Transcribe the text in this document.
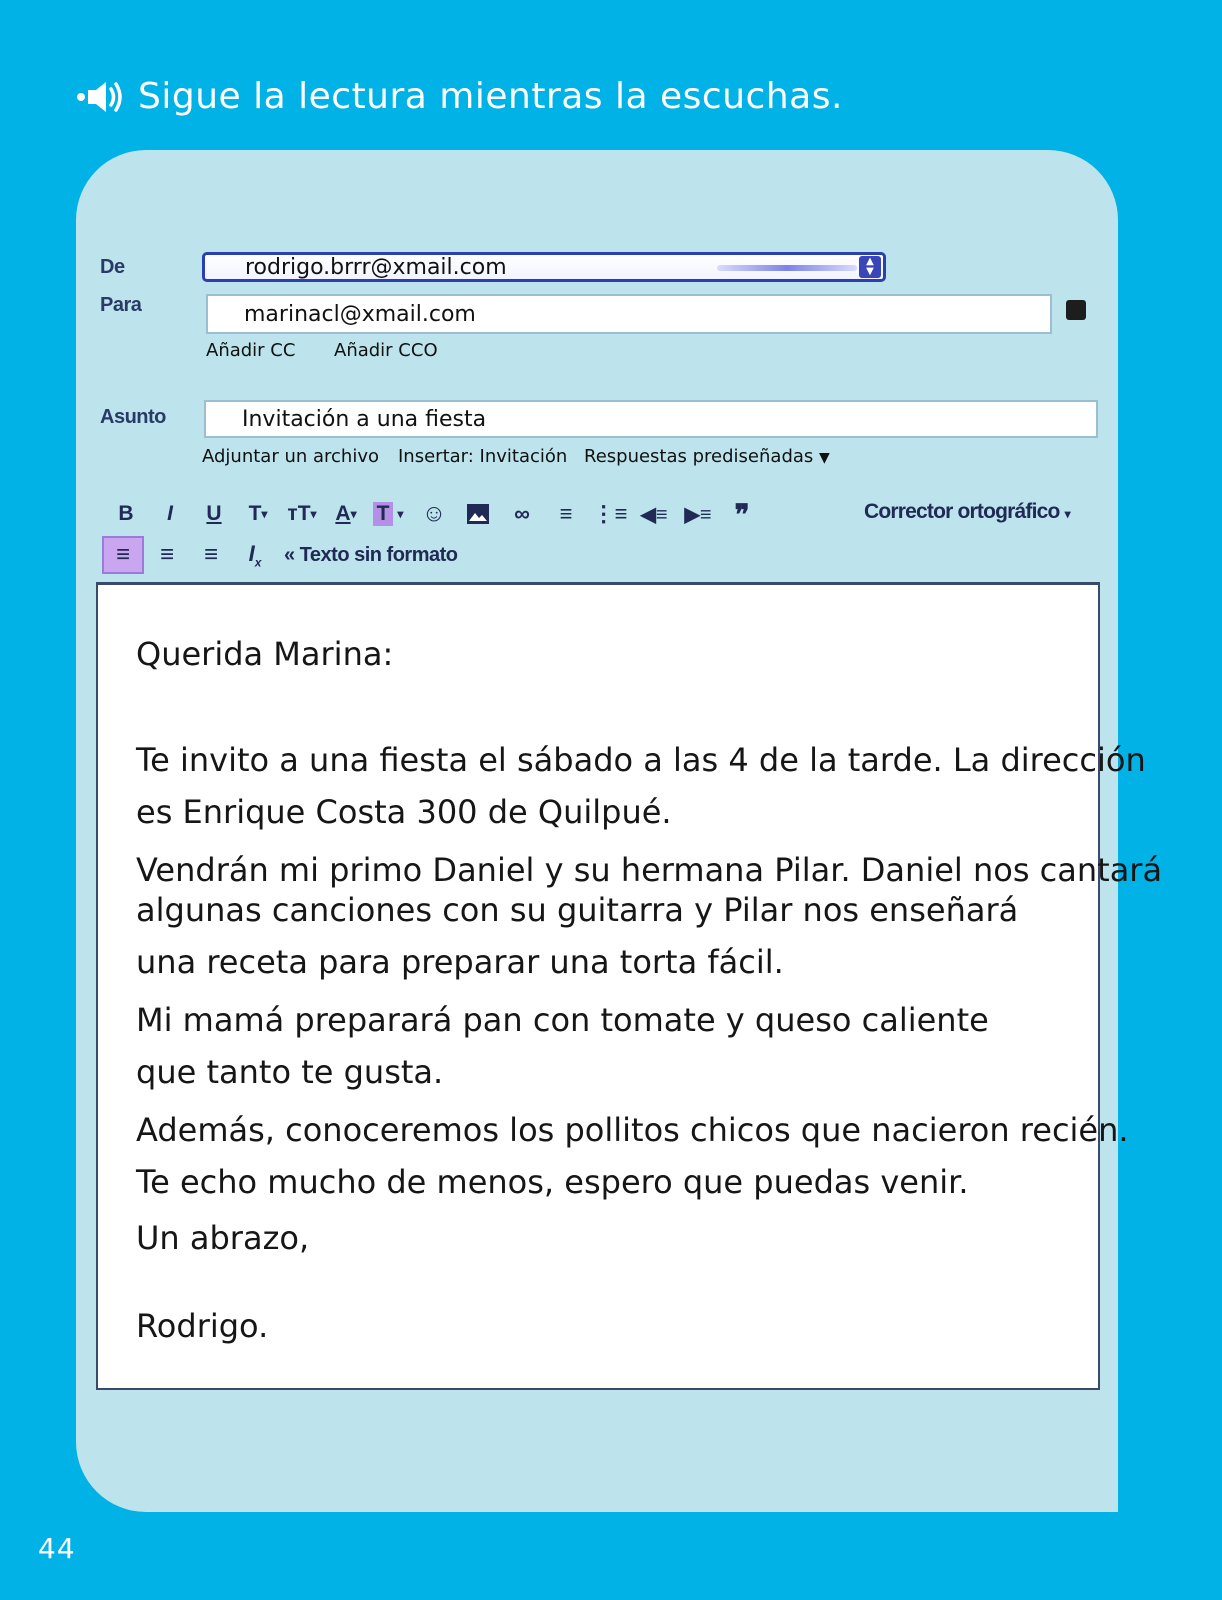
Sigue la lectura mientras la escuchas.
De	rodrigo.brrr@xmail.com	▲
▼
Para	marinacl@xmail.com
Añadir CC Añadir CCO
Asunto	Invitación a una fiesta
Adjuntar un archivo Insertar: Invitación Respuestas prediseñadas ▼
B I U T ▾ тT ▾ A ▾ T ▾ ☺	∞ ≡ ⋮≡ ◀≡ ▶≡ ❞	Corrector ortográfico ▾
≡ ≡ ≡ $I_x$ « Texto sin formato
Querida Marina:
Te invito a una fiesta el sábado a las 4 de la tarde. La dirección
es Enrique Costa 300 de Quilpué.
Vendrán mi primo Daniel y su hermana Pilar. Daniel nos cantará
algunas canciones con su guitarra y Pilar nos enseñará
una receta para preparar una torta fácil.
Mi mamá preparará pan con tomate y queso caliente
que tanto te gusta.
Además, conoceremos los pollitos chicos que nacieron recién.
Te echo mucho de menos, espero que puedas venir.
Un abrazo,
Rodrigo.
44
